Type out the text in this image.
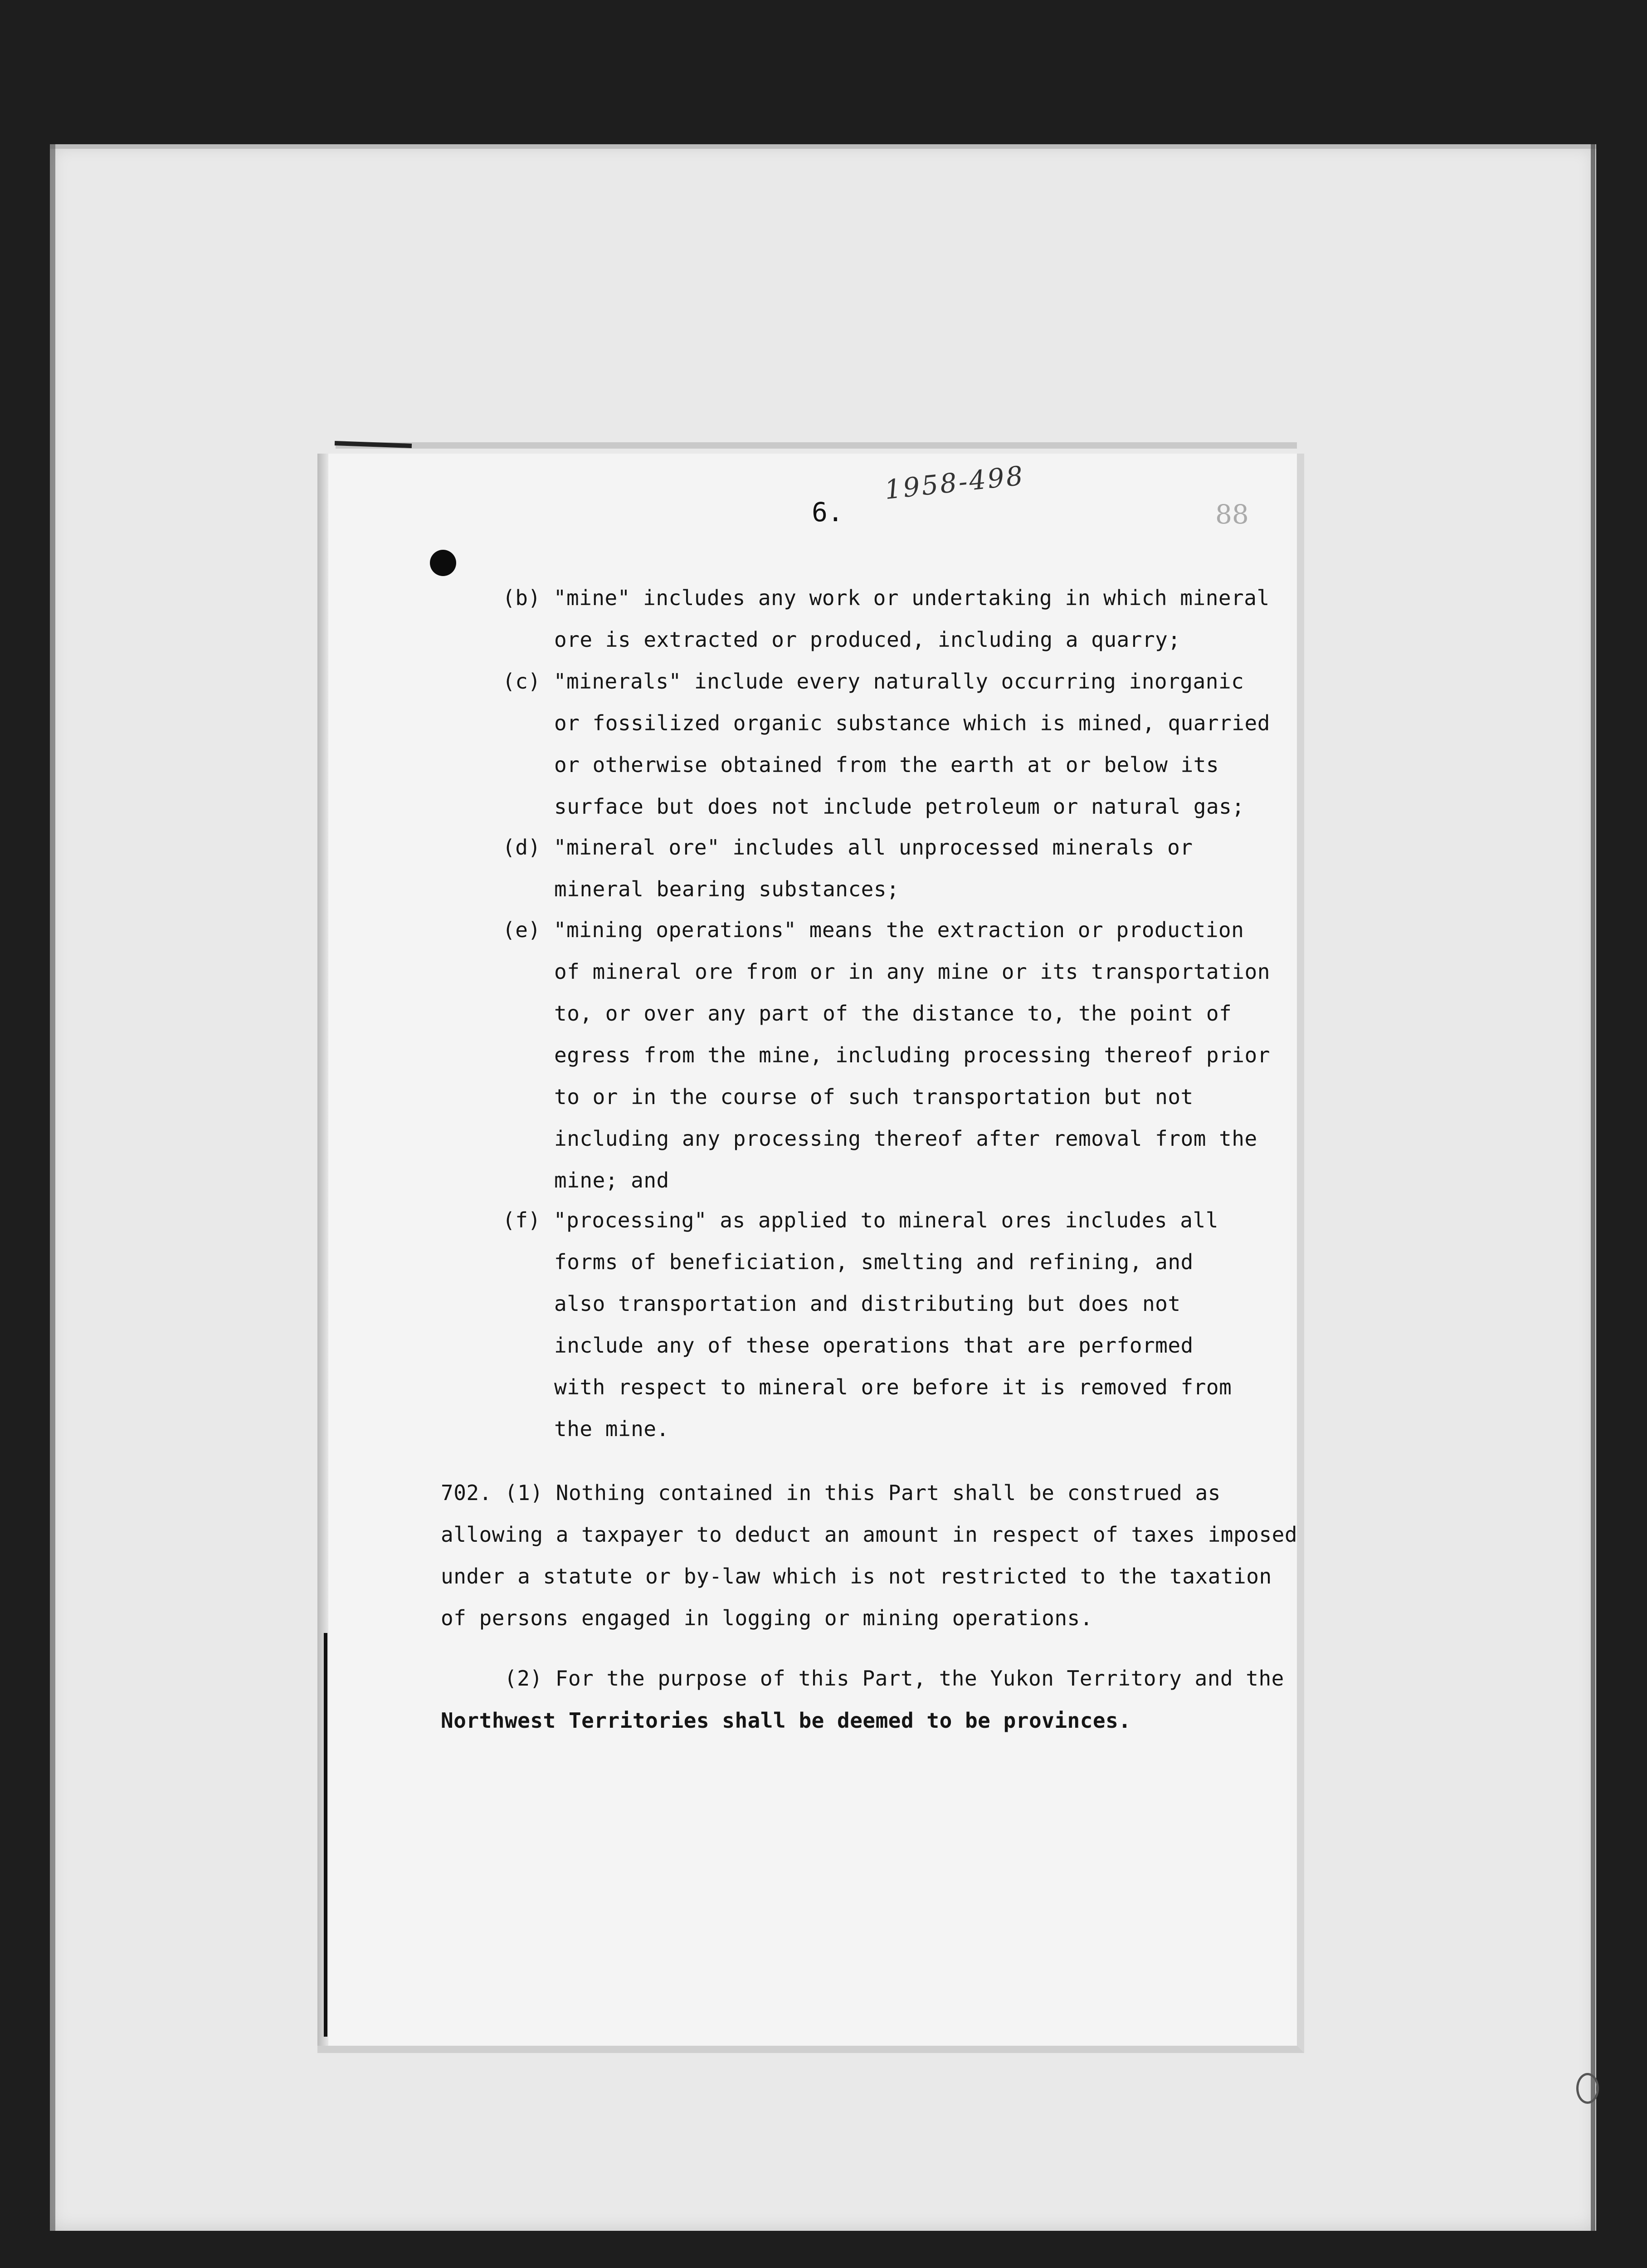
6.
1958-498
88
(b) "mine" includes any work or undertaking in which mineral
ore is extracted or produced, including a quarry;
(c) "minerals" include every naturally occurring inorganic
or fossilized organic substance which is mined, quarried
or otherwise obtained from the earth at or below its
surface but does not include petroleum or natural gas;
(d) "mineral ore" includes all unprocessed minerals or
mineral bearing substances;
(e) "mining operations" means the extraction or production
of mineral ore from or in any mine or its transportation
to, or over any part of the distance to, the point of
egress from the mine, including processing thereof prior
to or in the course of such transportation but not
including any processing thereof after removal from the
mine; and
(f) "processing" as applied to mineral ores includes all
forms of beneficiation, smelting and refining, and
also transportation and distributing but does not
include any of these operations that are performed
with respect to mineral ore before it is removed from
the mine.
702. (1) Nothing contained in this Part shall be construed as
allowing a taxpayer to deduct an amount in respect of taxes imposed
under a statute or by-law which is not restricted to the taxation
of persons engaged in logging or mining operations.
(2) For the purpose of this Part, the Yukon Territory and the
Northwest Territories shall be deemed to be provinces.
